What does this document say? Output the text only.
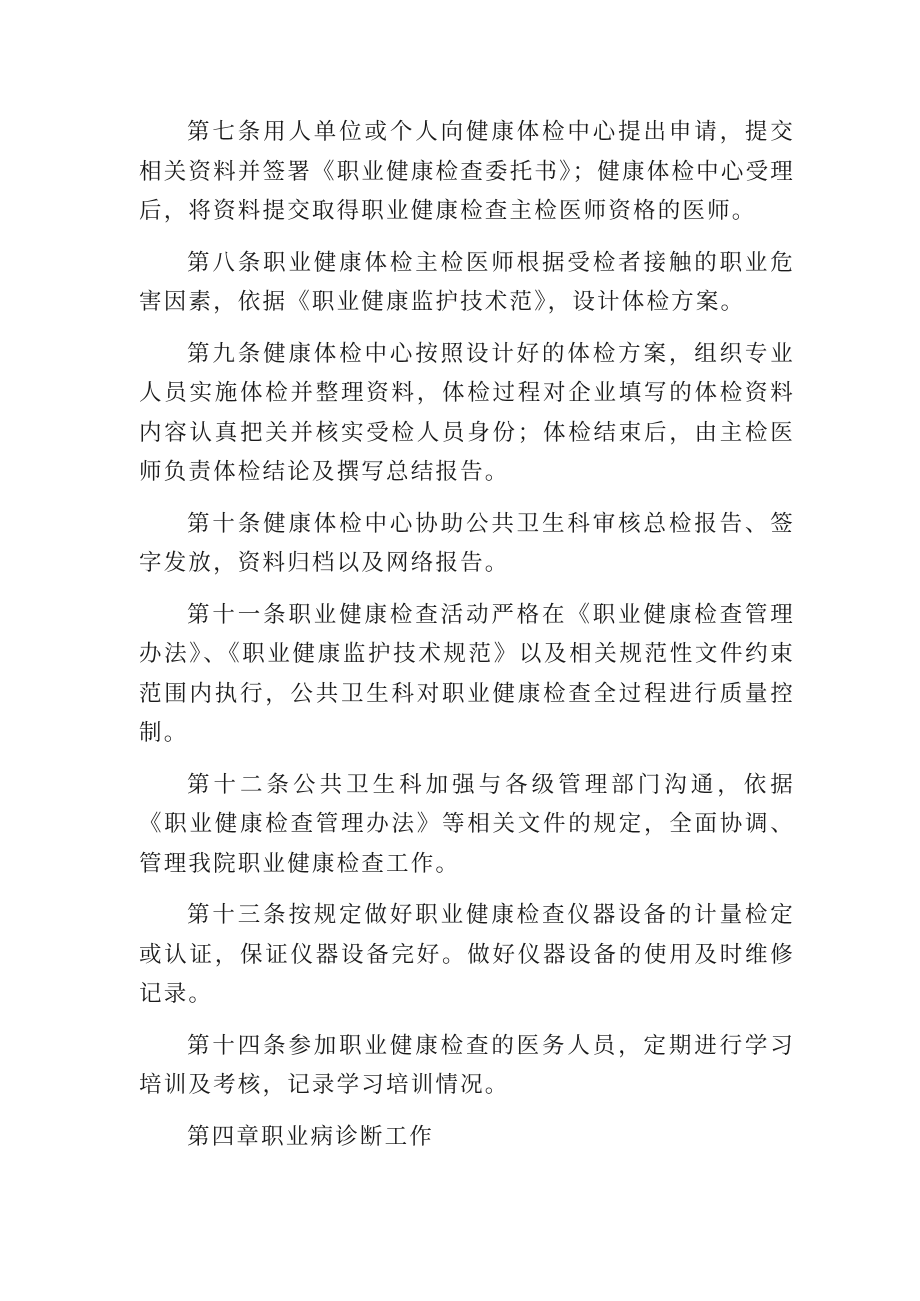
第七条用人单位或个人向健康体检中心提出申请，提交相关资料并签署《职业健康检查委托书》；健康体检中心受理后，将资料提交取得职业健康检查主检医师资格的医师。

第八条职业健康体检主检医师根据受检者接触的职业危害因素，依据《职业健康监护技术范》，设计体检方案。

第九条健康体检中心按照设计好的体检方案，组织专业人员实施体检并整理资料，体检过程对企业填写的体检资料内容认真把关并核实受检人员身份；体检结束后，由主检医师负责体检结论及撰写总结报告。

第十条健康体检中心协助公共卫生科审核总检报告、签字发放，资料归档以及网络报告。

第十一条职业健康检查活动严格在《职业健康检查管理办法》、《职业健康监护技术规范》以及相关规范性文件约束范围内执行，公共卫生科对职业健康检查全过程进行质量控制。

第十二条公共卫生科加强与各级管理部门沟通，依据《职业健康检查管理办法》等相关文件的规定，全面协调、管理我院职业健康检查工作。

第十三条按规定做好职业健康检查仪器设备的计量检定或认证，保证仪器设备完好。做好仪器设备的使用及时维修记录。

第十四条参加职业健康检查的医务人员，定期进行学习培训及考核，记录学习培训情况。

第四章职业病诊断工作
